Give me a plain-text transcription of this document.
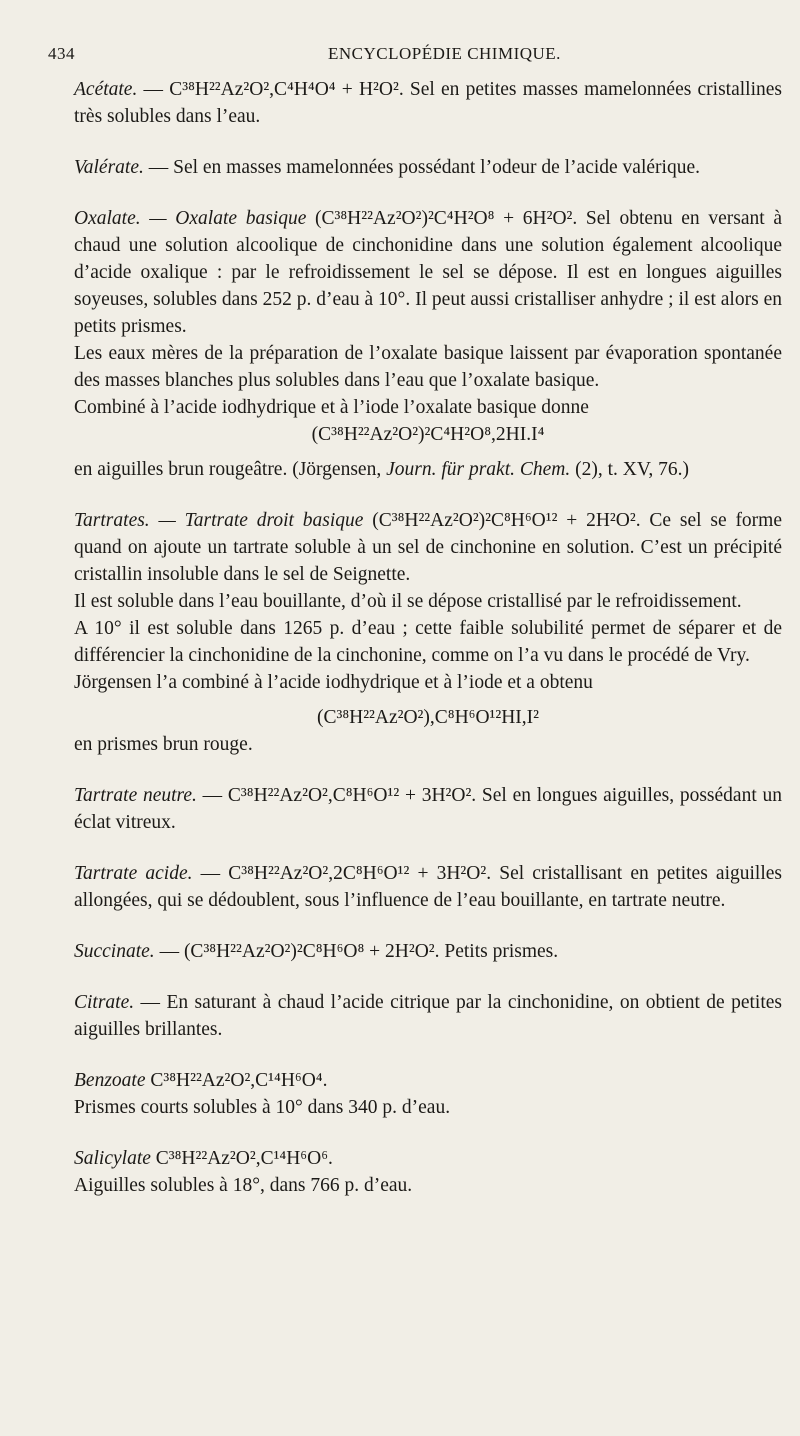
434	ENCYCLOPÉDIE CHIMIQUE.

Acétate. — C³⁸H²²Az²O²,C⁴H⁴O⁴ + H²O². Sel en petites masses mamelonnées cristallines très solubles dans l’eau.

Valérate. — Sel en masses mamelonnées possédant l’odeur de l’acide valérique.

Oxalate. — Oxalate basique (C³⁸H²²Az²O²)²C⁴H²O⁸ + 6H²O². Sel obtenu en versant à chaud une solution alcoolique de cinchonidine dans une solution également alcoolique d’acide oxalique : par le refroidissement le sel se dépose. Il est en longues aiguilles soyeuses, solubles dans 252 p. d’eau à 10°. Il peut aussi cristalliser anhydre ; il est alors en petits prismes.

Les eaux mères de la préparation de l’oxalate basique laissent par évaporation spontanée des masses blanches plus solubles dans l’eau que l’oxalate basique.

Combiné à l’acide iodhydrique et à l’iode l’oxalate basique donne

(C³⁸H²²Az²O²)²C⁴H²O⁸,2HI.I⁴

en aiguilles brun rougeâtre. (Jörgensen, Journ. für prakt. Chem. (2), t. XV, 76.)

Tartrates. — Tartrate droit basique (C³⁸H²²Az²O²)²C⁸H⁶O¹² + 2H²O². Ce sel se forme quand on ajoute un tartrate soluble à un sel de cinchonine en solution. C’est un précipité cristallin insoluble dans le sel de Seignette.

Il est soluble dans l’eau bouillante, d’où il se dépose cristallisé par le refroidissement.

A 10° il est soluble dans 1265 p. d’eau ; cette faible solubilité permet de séparer et de différencier la cinchonidine de la cinchonine, comme on l’a vu dans le procédé de Vry.

Jörgensen l’a combiné à l’acide iodhydrique et à l’iode et a obtenu

(C³⁸H²²Az²O²),C⁸H⁶O¹²HI,I²

en prismes brun rouge.

Tartrate neutre. — C³⁸H²²Az²O²,C⁸H⁶O¹² + 3H²O². Sel en longues aiguilles, possédant un éclat vitreux.

Tartrate acide. — C³⁸H²²Az²O²,2C⁸H⁶O¹² + 3H²O². Sel cristallisant en petites aiguilles allongées, qui se dédoublent, sous l’influence de l’eau bouillante, en tartrate neutre.

Succinate. — (C³⁸H²²Az²O²)²C⁸H⁶O⁸ + 2H²O². Petits prismes.

Citrate. — En saturant à chaud l’acide citrique par la cinchonidine, on obtient de petites aiguilles brillantes.

Benzoate C³⁸H²²Az²O²,C¹⁴H⁶O⁴.

Prismes courts solubles à 10° dans 340 p. d’eau.

Salicylate C³⁸H²²Az²O²,C¹⁴H⁶O⁶.

Aiguilles solubles à 18°, dans 766 p. d’eau.
